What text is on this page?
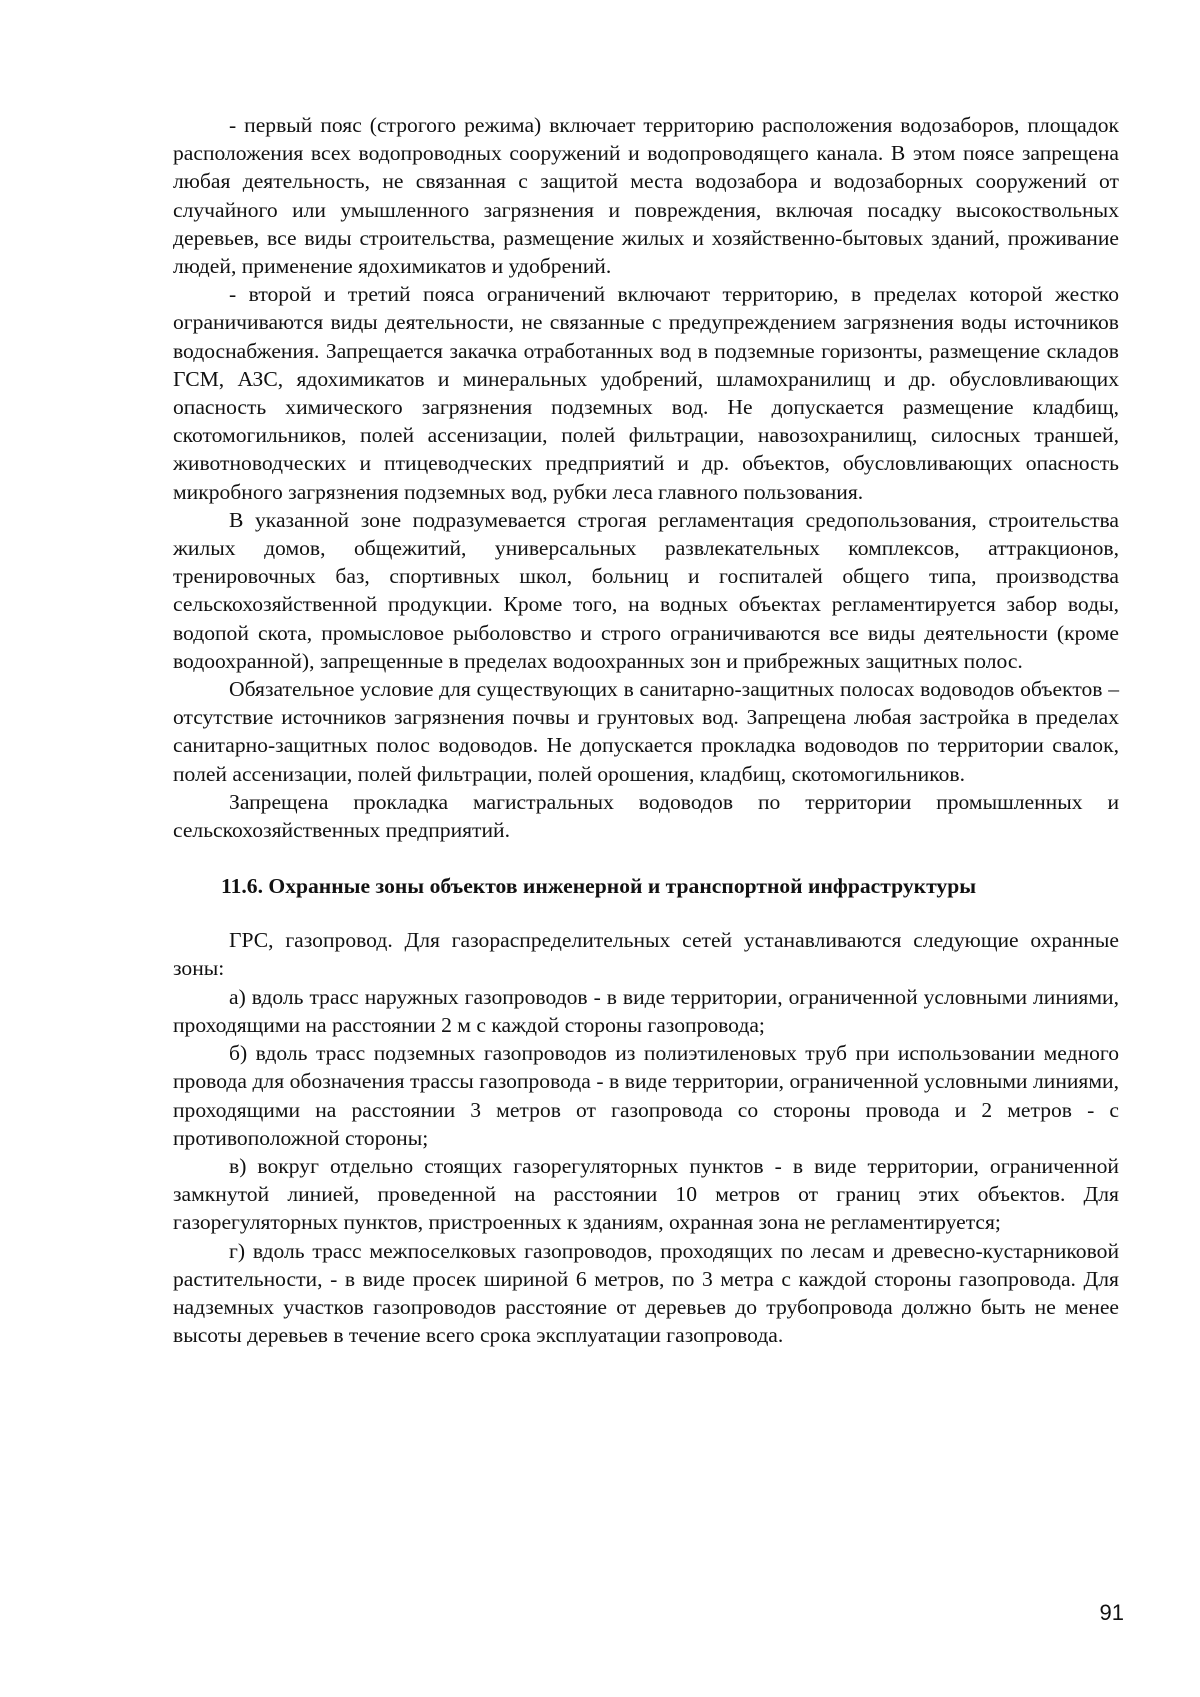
- первый пояс (строгого режима) включает территорию расположения водозаборов, площадок расположения всех водопроводных сооружений и водопроводящего канала. В этом поясе запрещена любая деятельность, не связанная с защитой места водозабора и водозаборных сооружений от случайного или умышленного загрязнения и повреждения, включая посадку высокоствольных деревьев, все виды строительства, размещение жилых и хозяйственно-бытовых зданий, проживание людей, применение ядохимикатов и удобрений.

- второй и третий пояса ограничений включают территорию, в пределах которой жестко ограничиваются виды деятельности, не связанные с предупреждением загрязнения воды источников водоснабжения. Запрещается закачка отработанных вод в подземные горизонты, размещение складов ГСМ, АЗС, ядохимикатов и минеральных удобрений, шламохранилищ и др. обусловливающих опасность химического загрязнения подземных вод. Не допускается размещение кладбищ, скотомогильников, полей ассенизации, полей фильтрации, навозохранилищ, силосных траншей, животноводческих и птицеводческих предприятий и др. объектов, обусловливающих опасность микробного загрязнения подземных вод, рубки леса главного пользования.

В указанной зоне подразумевается строгая регламентация средопользования, строительства жилых домов, общежитий, универсальных развлекательных комплексов, аттракционов, тренировочных баз, спортивных школ, больниц и госпиталей общего типа, производства сельскохозяйственной продукции. Кроме того, на водных объектах регламентируется забор воды, водопой скота, промысловое рыболовство и строго ограничиваются все виды деятельности (кроме водоохранной), запрещенные в пределах водоохранных зон и прибрежных защитных полос.

Обязательное условие для существующих в санитарно-защитных полосах водоводов объектов – отсутствие источников загрязнения почвы и грунтовых вод. Запрещена любая застройка в пределах санитарно-защитных полос водоводов. Не допускается прокладка водоводов по территории свалок, полей ассенизации, полей фильтрации, полей орошения, кладбищ, скотомогильников.

Запрещена прокладка магистральных водоводов по территории промышленных и сельскохозяйственных предприятий.

11.6. Охранные зоны объектов инженерной и транспортной инфраструктуры

ГРС, газопровод. Для газораспределительных сетей устанавливаются следующие охранные зоны:

а) вдоль трасс наружных газопроводов - в виде территории, ограниченной условными линиями, проходящими на расстоянии 2 м с каждой стороны газопровода;

б) вдоль трасс подземных газопроводов из полиэтиленовых труб при использовании медного провода для обозначения трассы газопровода - в виде территории, ограниченной условными линиями, проходящими на расстоянии 3 метров от газопровода со стороны провода и 2 метров - с противоположной стороны;

в) вокруг отдельно стоящих газорегуляторных пунктов - в виде территории, ограниченной замкнутой линией, проведенной на расстоянии 10 метров от границ этих объектов. Для газорегуляторных пунктов, пристроенных к зданиям, охранная зона не регламентируется;

г) вдоль трасс межпоселковых газопроводов, проходящих по лесам и древесно-кустарниковой растительности, - в виде просек шириной 6 метров, по 3 метра с каждой стороны газопровода. Для надземных участков газопроводов расстояние от деревьев до трубопровода должно быть не менее высоты деревьев в течение всего срока эксплуатации газопровода.

91
